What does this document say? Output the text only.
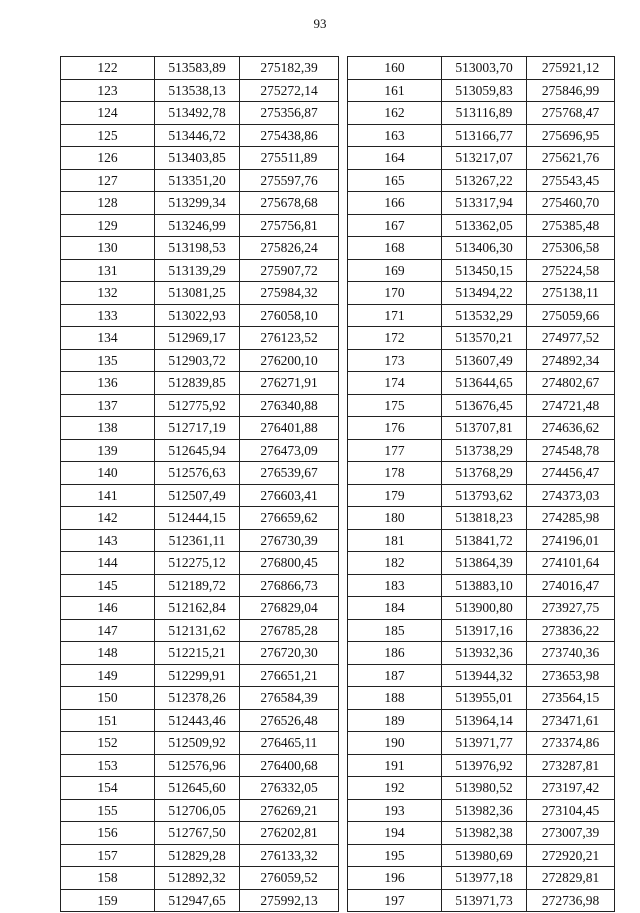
93
122	513583,89	275182,39
123	513538,13	275272,14
124	513492,78	275356,87
125	513446,72	275438,86
126	513403,85	275511,89
127	513351,20	275597,76
128	513299,34	275678,68
129	513246,99	275756,81
130	513198,53	275826,24
131	513139,29	275907,72
132	513081,25	275984,32
133	513022,93	276058,10
134	512969,17	276123,52
135	512903,72	276200,10
136	512839,85	276271,91
137	512775,92	276340,88
138	512717,19	276401,88
139	512645,94	276473,09
140	512576,63	276539,67
141	512507,49	276603,41
142	512444,15	276659,62
143	512361,11	276730,39
144	512275,12	276800,45
145	512189,72	276866,73
146	512162,84	276829,04
147	512131,62	276785,28
148	512215,21	276720,30
149	512299,91	276651,21
150	512378,26	276584,39
151	512443,46	276526,48
152	512509,92	276465,11
153	512576,96	276400,68
154	512645,60	276332,05
155	512706,05	276269,21
156	512767,50	276202,81
157	512829,28	276133,32
158	512892,32	276059,52
159	512947,65	275992,13
160	513003,70	275921,12
161	513059,83	275846,99
162	513116,89	275768,47
163	513166,77	275696,95
164	513217,07	275621,76
165	513267,22	275543,45
166	513317,94	275460,70
167	513362,05	275385,48
168	513406,30	275306,58
169	513450,15	275224,58
170	513494,22	275138,11
171	513532,29	275059,66
172	513570,21	274977,52
173	513607,49	274892,34
174	513644,65	274802,67
175	513676,45	274721,48
176	513707,81	274636,62
177	513738,29	274548,78
178	513768,29	274456,47
179	513793,62	274373,03
180	513818,23	274285,98
181	513841,72	274196,01
182	513864,39	274101,64
183	513883,10	274016,47
184	513900,80	273927,75
185	513917,16	273836,22
186	513932,36	273740,36
187	513944,32	273653,98
188	513955,01	273564,15
189	513964,14	273471,61
190	513971,77	273374,86
191	513976,92	273287,81
192	513980,52	273197,42
193	513982,36	273104,45
194	513982,38	273007,39
195	513980,69	272920,21
196	513977,18	272829,81
197	513971,73	272736,98
